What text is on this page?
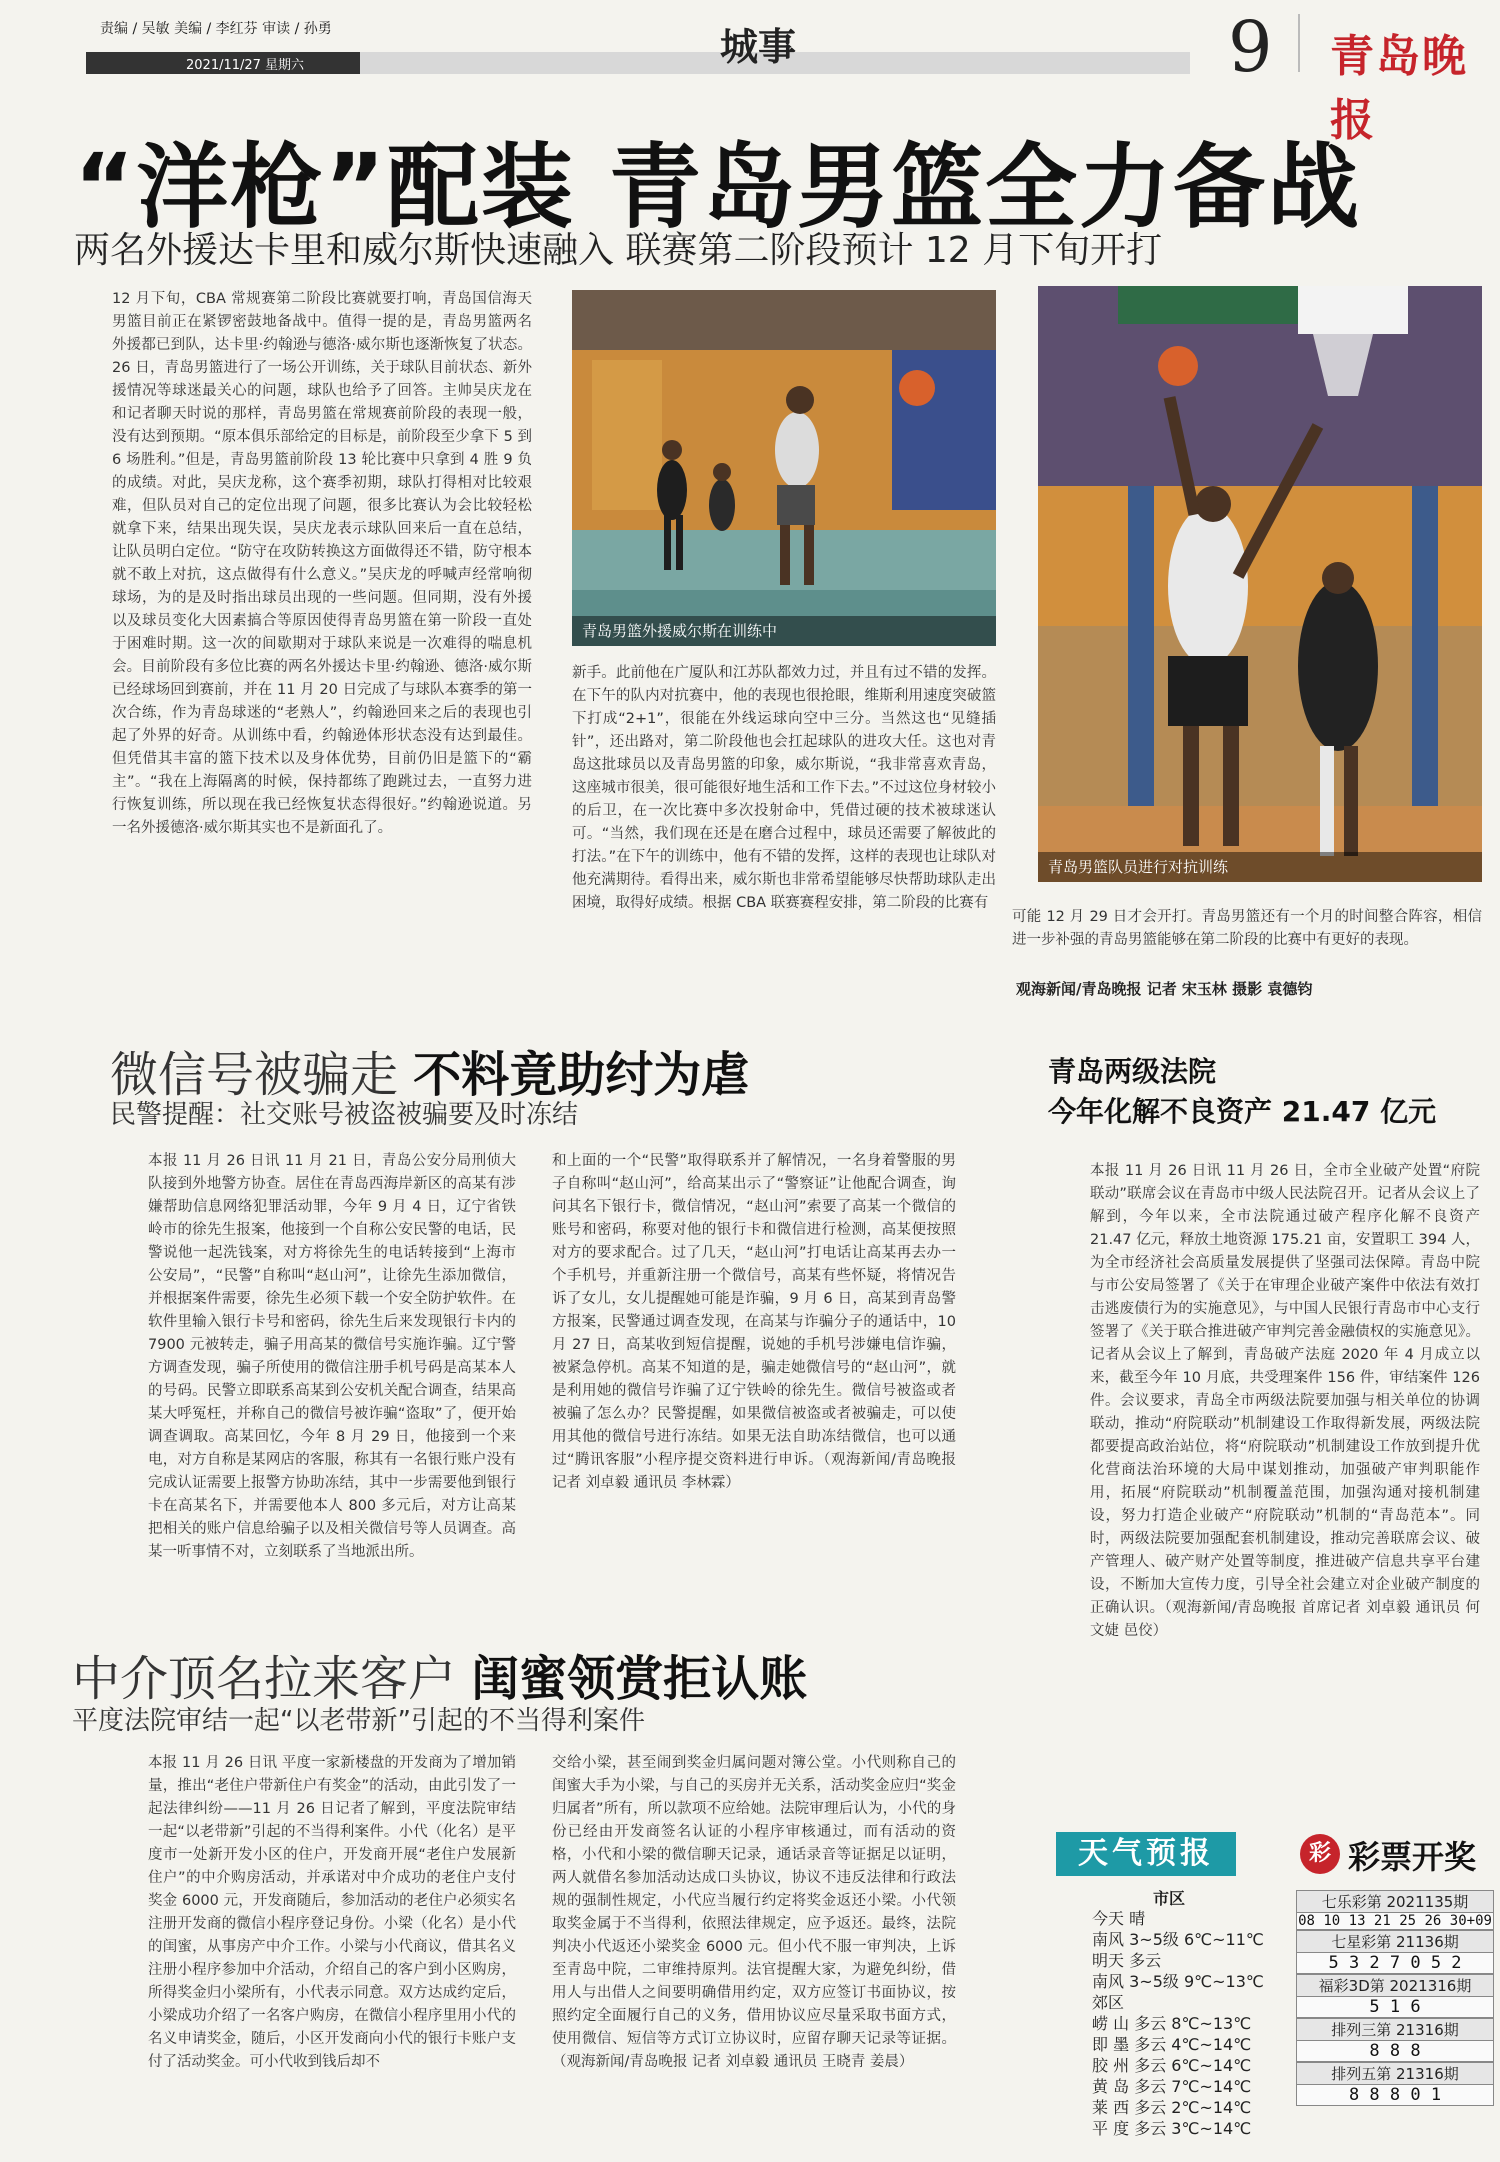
责编 / 吴敏 美编 / 李红芬 审读 / 孙勇
2021/11/27 星期六	城事	9 青岛晚报
“洋枪”配装 青岛男篮全力备战
两名外援达卡里和威尔斯快速融入 联赛第二阶段预计 12 月下旬开打
12 月下旬，CBA 常规赛第二阶段比赛就要打响，青岛国信海天男篮目前正在紧锣密鼓地备战中。值得一提的是，青岛男篮两名外援都已到队，达卡里·约翰逊与德洛·威尔斯也逐渐恢复了状态。26 日，青岛男篮进行了一场公开训练，关于球队目前状态、新外援情况等球迷最关心的问题，球队也给予了回答。主帅吴庆龙在和记者聊天时说的那样，青岛男篮在常规赛前阶段的表现一般，没有达到预期。“原本俱乐部给定的目标是，前阶段至少拿下 5 到 6 场胜利。”但是，青岛男篮前阶段 13 轮比赛中只拿到 4 胜 9 负的成绩。对此，吴庆龙称，这个赛季初期，球队打得相对比较艰难，但队员对自己的定位出现了问题，很多比赛认为会比较轻松就拿下来，结果出现失误，吴庆龙表示球队回来后一直在总结，让队员明白定位。“防守在攻防转换这方面做得还不错，防守根本就不敢上对抗，这点做得有什么意义。”吴庆龙的呼喊声经常响彻球场，为的是及时指出球员出现的一些问题。但同期，没有外援以及球员变化大因素搞合等原因使得青岛男篮在第一阶段一直处于困难时期。这一次的间歇期对于球队来说是一次难得的喘息机会。目前阶段有多位比赛的两名外援达卡里·约翰逊、德洛·威尔斯已经球场回到赛前，并在 11 月 20 日完成了与球队本赛季的第一次合练，作为青岛球迷的“老熟人”，约翰逊回来之后的表现也引起了外界的好奇。从训练中看，约翰逊体形状态没有达到最佳。但凭借其丰富的篮下技术以及身体优势，目前仍旧是篮下的“霸主”。“我在上海隔离的时候，保持都练了跑跳过去，一直努力进行恢复训练，所以现在我已经恢复状态得很好。”约翰逊说道。另一名外援德洛·威尔斯其实也不是新面孔了。
青岛男篮外援威尔斯在训练中
新手。此前他在广厦队和江苏队都效力过，并且有过不错的发挥。在下午的队内对抗赛中，他的表现也很抢眼，维斯利用速度突破篮下打成“2+1”，很能在外线运球向空中三分。当然这也“见缝插针”，还出路对，第二阶段他也会扛起球队的进攻大任。这也对青岛这批球员以及青岛男篮的印象，威尔斯说，“我非常喜欢青岛，这座城市很美，很可能很好地生活和工作下去。”不过这位身材较小的后卫，在一次比赛中多次投射命中，凭借过硬的技术被球迷认可。“当然，我们现在还是在磨合过程中，球员还需要了解彼此的打法。”在下午的训练中，他有不错的发挥，这样的表现也让球队对他充满期待。看得出来，威尔斯也非常希望能够尽快帮助球队走出困境，取得好成绩。根据 CBA 联赛赛程安排，第二阶段的比赛有
青岛男篮队员进行对抗训练
可能 12 月 29 日才会开打。青岛男篮还有一个月的时间整合阵容，相信进一步补强的青岛男篮能够在第二阶段的比赛中有更好的表现。
观海新闻/青岛晚报 记者 宋玉林 摄影 袁德钧
微信号被骗走 不料竟助纣为虐
民警提醒：社交账号被盗被骗要及时冻结
本报 11 月 26 日讯 11 月 21 日，青岛公安分局刑侦大队接到外地警方协查。居住在青岛西海岸新区的高某有涉嫌帮助信息网络犯罪活动罪，今年 9 月 4 日，辽宁省铁岭市的徐先生报案，他接到一个自称公安民警的电话，民警说他一起洗钱案，对方将徐先生的电话转接到“上海市公安局”，“民警”自称叫“赵山河”，让徐先生添加微信，并根据案件需要，徐先生必须下载一个安全防护软件。在软件里输入银行卡号和密码，徐先生后来发现银行卡内的 7900 元被转走，骗子用高某的微信号实施诈骗。辽宁警方调查发现，骗子所使用的微信注册手机号码是高某本人的号码。民警立即联系高某到公安机关配合调查，结果高某大呼冤枉，并称自己的微信号被诈骗“盗取”了，便开始调查调取。高某回忆，今年 8 月 29 日，他接到一个来电，对方自称是某网店的客服，称其有一名银行账户没有完成认证需要上报警方协助冻结，其中一步需要他到银行卡在高某名下，并需要他本人 800 多元后，对方让高某把相关的账户信息给骗子以及相关微信号等人员调查。高某一听事情不对，立刻联系了当地派出所。
和上面的一个“民警”取得联系并了解情况，一名身着警服的男子自称叫“赵山河”，给高某出示了“警察证”让他配合调查，询问其名下银行卡，微信情况，“赵山河”索要了高某一个微信的账号和密码，称要对他的银行卡和微信进行检测，高某便按照对方的要求配合。过了几天，“赵山河”打电话让高某再去办一个手机号，并重新注册一个微信号，高某有些怀疑，将情况告诉了女儿，女儿提醒她可能是诈骗，9 月 6 日，高某到青岛警方报案，民警通过调查发现，在高某与诈骗分子的通话中，10 月 27 日，高某收到短信提醒，说她的手机号涉嫌电信诈骗，被紧急停机。高某不知道的是，骗走她微信号的“赵山河”，就是利用她的微信号诈骗了辽宁铁岭的徐先生。微信号被盗或者被骗了怎么办？民警提醒，如果微信被盗或者被骗走，可以使用其他的微信号进行冻结。如果无法自助冻结微信，也可以通过“腾讯客服”小程序提交资料进行申诉。（观海新闻/青岛晚报 记者 刘卓毅 通讯员 李林霖）
青岛两级法院
今年化解不良资产 21.47 亿元
本报 11 月 26 日讯 11 月 26 日，全市全业破产处置“府院联动”联席会议在青岛市中级人民法院召开。记者从会议上了解到，今年以来，全市法院通过破产程序化解不良资产 21.47 亿元，释放土地资源 175.21 亩，安置职工 394 人，为全市经济社会高质量发展提供了坚强司法保障。青岛中院与市公安局签署了《关于在审理企业破产案件中依法有效打击逃废债行为的实施意见》，与中国人民银行青岛市中心支行签署了《关于联合推进破产审判完善金融债权的实施意见》。记者从会议上了解到，青岛破产法庭 2020 年 4 月成立以来，截至今年 10 月底，共受理案件 156 件，审结案件 126 件。会议要求，青岛全市两级法院要加强与相关单位的协调联动，推动“府院联动”机制建设工作取得新发展，两级法院都要提高政治站位，将“府院联动”机制建设工作放到提升优化营商法治环境的大局中谋划推动，加强破产审判职能作用，拓展“府院联动”机制覆盖范围，加强沟通对接机制建设，努力打造企业破产“府院联动”机制的“青岛范本”。同时，两级法院要加强配套机制建设，推动完善联席会议、破产管理人、破产财产处置等制度，推进破产信息共享平台建设，不断加大宣传力度，引导全社会建立对企业破产制度的正确认识。（观海新闻/青岛晚报 首席记者 刘卓毅 通讯员 何文婕 邑佼）
中介顶名拉来客户 闺蜜领赏拒认账
平度法院审结一起“以老带新”引起的不当得利案件
本报 11 月 26 日讯 平度一家新楼盘的开发商为了增加销量，推出“老住户带新住户有奖金”的活动，由此引发了一起法律纠纷——11 月 26 日记者了解到，平度法院审结一起“以老带新”引起的不当得利案件。小代（化名）是平度市一处新开发小区的住户，开发商开展“老住户发展新住户”的中介购房活动，并承诺对中介成功的老住户支付奖金 6000 元，开发商随后，参加活动的老住户必须实名注册开发商的微信小程序登记身份。小梁（化名）是小代的闺蜜，从事房产中介工作。小梁与小代商议，借其名义注册小程序参加中介活动，介绍自己的客户到小区购房，所得奖金归小梁所有，小代表示同意。双方达成约定后，小梁成功介绍了一名客户购房，在微信小程序里用小代的名义申请奖金，随后，小区开发商向小代的银行卡账户支付了活动奖金。可小代收到钱后却不
交给小梁，甚至闹到奖金归属问题对簿公堂。小代则称自己的闺蜜大手为小梁，与自己的买房并无关系，活动奖金应归“奖金归属者”所有，所以款项不应给她。法院审理后认为，小代的身份已经由开发商签名认证的小程序审核通过，而有活动的资格，小代和小梁的微信聊天记录，通话录音等证据足以证明，两人就借名参加活动达成口头协议，协议不违反法律和行政法规的强制性规定，小代应当履行约定将奖金返还小梁。小代领取奖金属于不当得利，依照法律规定，应予返还。最终，法院判决小代返还小梁奖金 6000 元。但小代不服一审判决，上诉至青岛中院，二审维持原判。法官提醒大家，为避免纠纷，借用人与出借人之间要明确借用约定，双方应签订书面协议，按照约定全面履行自己的义务，借用协议应尽量采取书面方式，使用微信、短信等方式订立协议时，应留存聊天记录等证据。（观海新闻/青岛晚报 记者 刘卓毅 通讯员 王晓青 姜晨）
天气预报
市区
今天 晴
南风 3~5级 6℃~11℃
明天 多云
南风 3~5级 9℃~13℃
郊区
崂 山 多云 8℃~13℃
即 墨 多云 4℃~14℃
胶 州 多云 6℃~14℃
黄 岛 多云 7℃~14℃
莱 西 多云 2℃~14℃
平 度 多云 3℃~14℃
彩 彩票开奖
七乐彩第 2021135期
08 10 13 21 25 26 30+09
七星彩第 21136期
5 3 2 7 0 5 2
福彩3D第 2021316期
5 1 6
排列三第 21316期
8 8 8
排列五第 21316期
8 8 8 0 1
